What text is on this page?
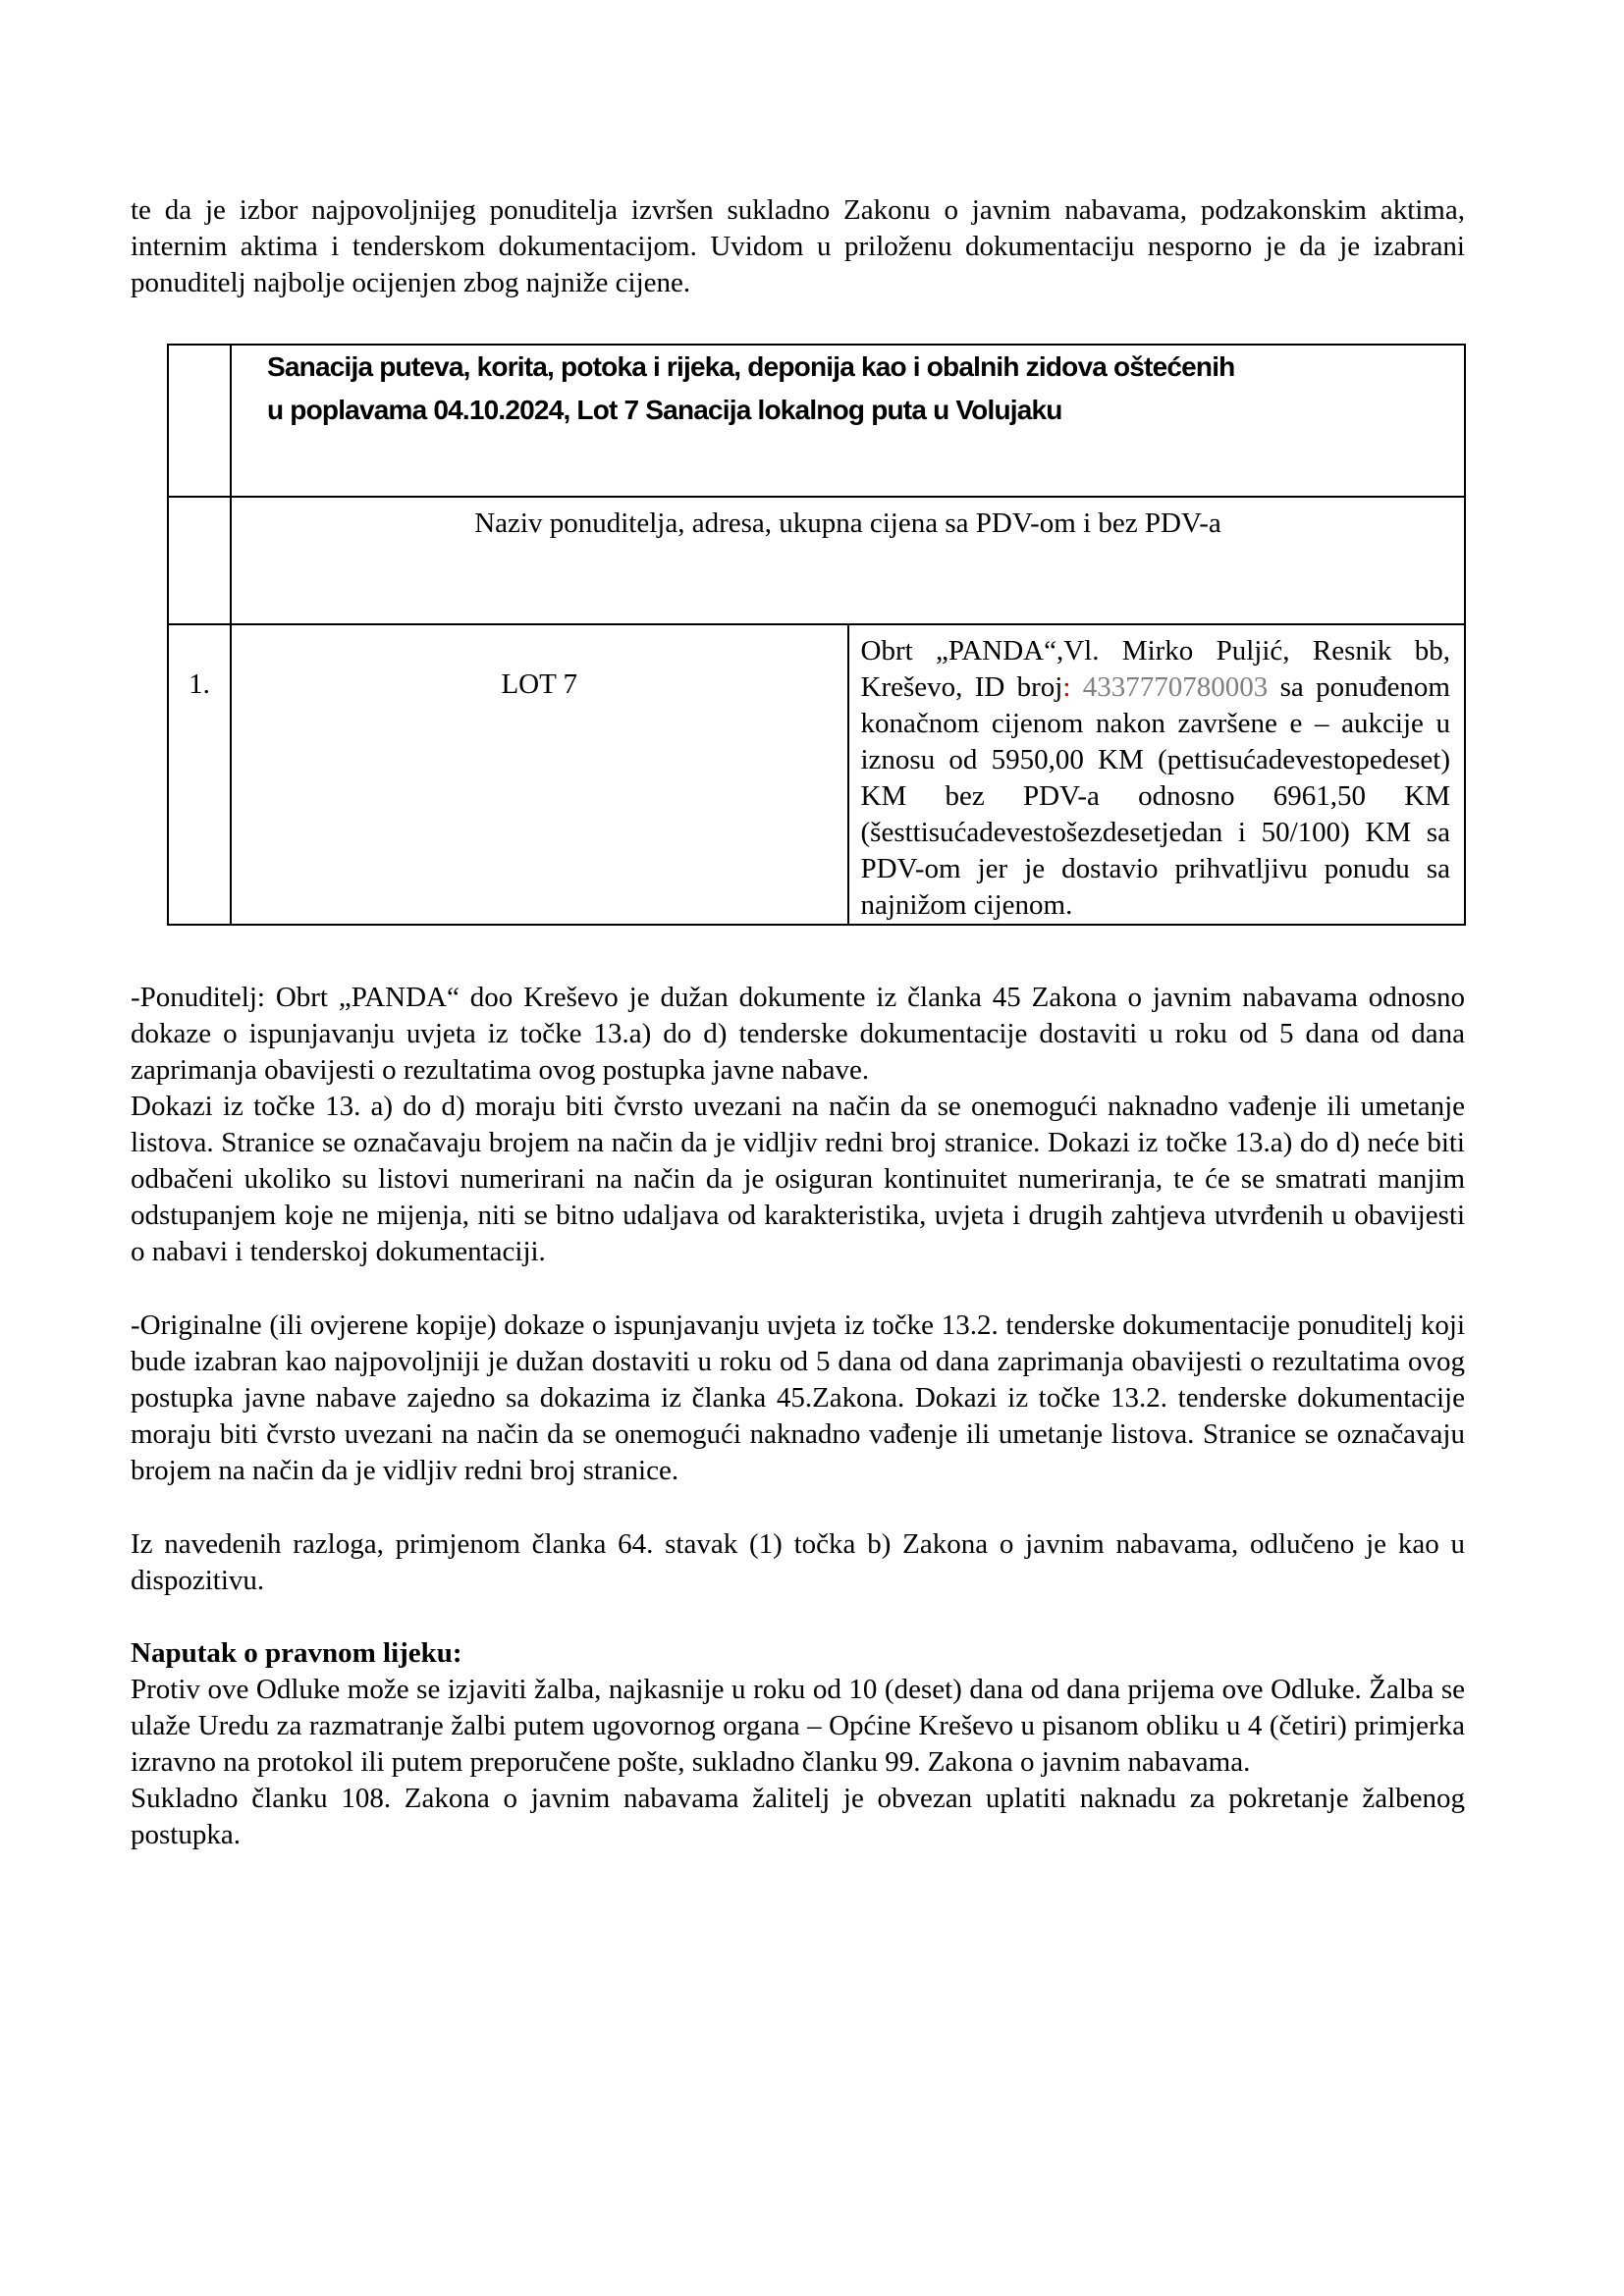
te da je izbor najpovoljnijeg ponuditelja izvršen sukladno Zakonu o javnim nabavama, podzakonskim aktima, internim aktima i tenderskom dokumentacijom. Uvidom u priloženu dokumentaciju nesporno je da je izabrani ponuditelj najbolje ocijenjen zbog najniže cijene.

	Sanacija puteva, korita, potoka i rijeka, deponija kao i obalnih zidova oštećenih
u poplavama 04.10.2024, Lot 7 Sanacija lokalnog puta u Volujaku	

	Naziv ponuditelja, adresa, ukupna cijena sa PDV-om i bez PDV-a	
1.	LOT 7	Obrt „PANDA“,Vl. Mirko Puljić, Resnik bb, Kreševo, ID broj: 4337770780003 sa ponuđenom konačnom cijenom nakon završene e – aukcije u iznosu od 5950,00 KM (pettisućadevestopedeset) KM bez PDV-a odnosno 6961,50 KM (šesttisućadevestošezdesetjedan i 50/100) KM sa PDV-om jer je dostavio prihvatljivu ponudu sa najnižom cijenom.

-Ponuditelj: Obrt „PANDA“ doo Kreševo je dužan dokumente iz članka 45 Zakona o javnim nabavama odnosno dokaze o ispunjavanju uvjeta iz točke 13.a) do d) tenderske dokumentacije dostaviti u roku od 5 dana od dana zaprimanja obavijesti o rezultatima ovog postupka javne nabave.

Dokazi iz točke 13. a) do d) moraju biti čvrsto uvezani na način da se onemogući naknadno vađenje ili umetanje listova. Stranice se označavaju brojem na način da je vidljiv redni broj stranice. Dokazi iz točke 13.a) do d) neće biti odbačeni ukoliko su listovi numerirani na način da je osiguran kontinuitet numeriranja, te će se smatrati manjim odstupanjem koje ne mijenja, niti se bitno udaljava od karakteristika, uvjeta i drugih zahtjeva utvrđenih u obavijesti o nabavi i tenderskoj dokumentaciji.

-Originalne (ili ovjerene kopije) dokaze o ispunjavanju uvjeta iz točke 13.2. tenderske dokumentacije ponuditelj koji bude izabran kao najpovoljniji je dužan dostaviti u roku od 5 dana od dana zaprimanja obavijesti o rezultatima ovog postupka javne nabave zajedno sa dokazima iz članka 45.Zakona. Dokazi iz točke 13.2. tenderske dokumentacije moraju biti čvrsto uvezani na način da se onemogući naknadno vađenje ili umetanje listova. Stranice se označavaju brojem na način da je vidljiv redni broj stranice.

Iz navedenih razloga, primjenom članka 64. stavak (1) točka b) Zakona o javnim nabavama, odlučeno je kao u dispozitivu.

Naputak o pravnom lijeku:

Protiv ove Odluke može se izjaviti žalba, najkasnije u roku od 10 (deset) dana od dana prijema ove Odluke. Žalba se ulaže Uredu za razmatranje žalbi putem ugovornog organa – Općine Kreševo u pisanom obliku u 4 (četiri) primjerka izravno na protokol ili putem preporučene pošte, sukladno članku 99. Zakona o javnim nabavama.

Sukladno članku 108. Zakona o javnim nabavama žalitelj je obvezan uplatiti naknadu za pokretanje žalbenog postupka.
